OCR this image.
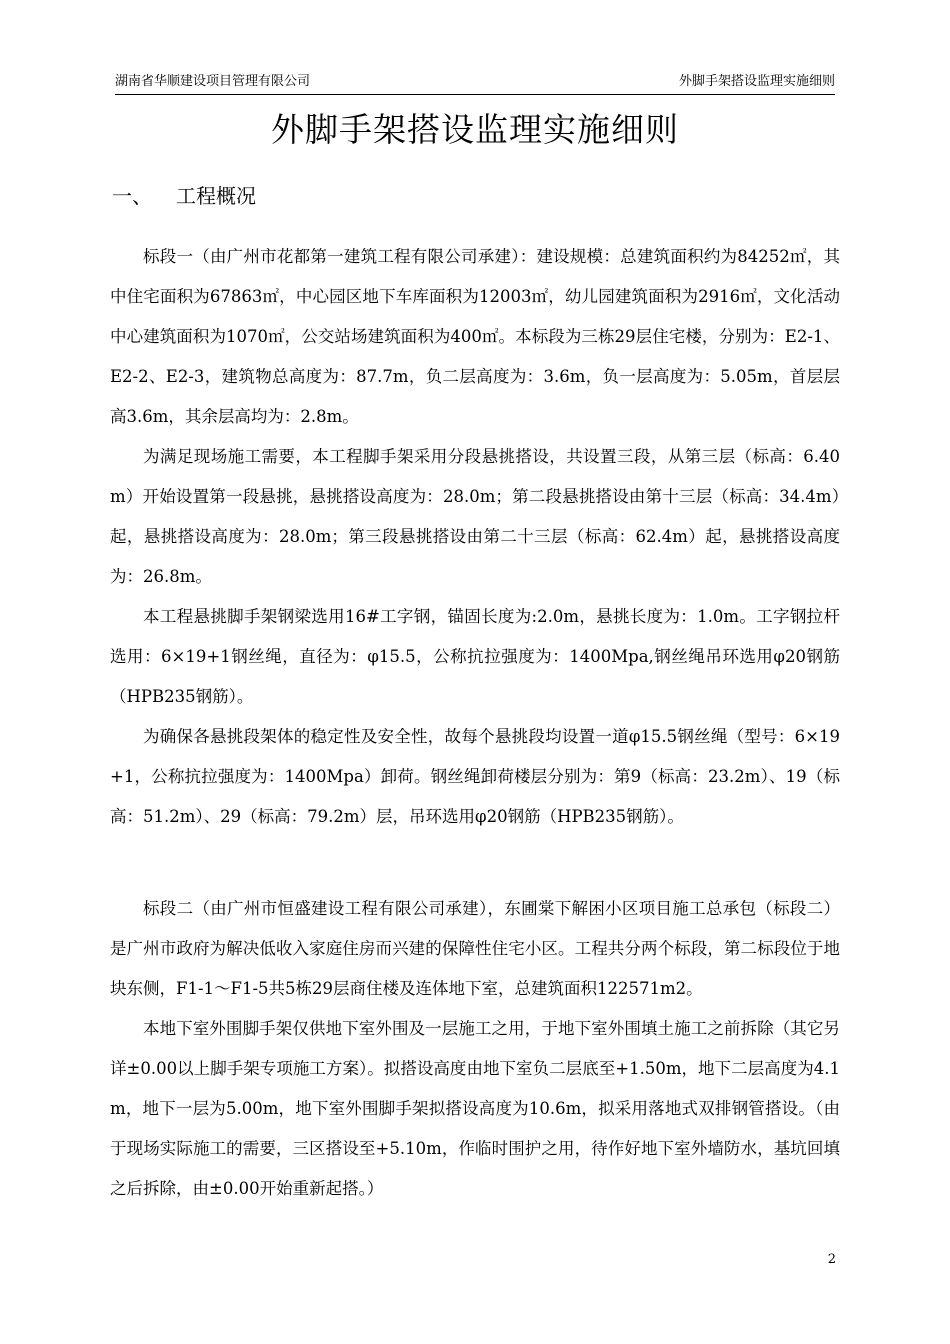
湖南省华顺建设项目管理有限公司	外脚手架搭设监理实施细则
外脚手架搭设监理实施细则
一、 工程概况

标段一（由广州市花都第一建筑工程有限公司承建）：建设规模：总建筑面积约为84252㎡，其中住宅面积为67863㎡，中心园区地下车库面积为12003㎡，幼儿园建筑面积为2916㎡，文化活动中心建筑面积为1070㎡，公交站场建筑面积为400㎡。本标段为三栋29层住宅楼，分别为：E2-1、E2-2、E2-3，建筑物总高度为：87.7m，负二层高度为：3.6m，负一层高度为：5.05m，首层层高3.6m，其余层高均为：2.8m。

为满足现场施工需要，本工程脚手架采用分段悬挑搭设，共设置三段，从第三层（标高：6.40m）开始设置第一段悬挑，悬挑搭设高度为：28.0m；第二段悬挑搭设由第十三层（标高：34.4m）起，悬挑搭设高度为：28.0m；第三段悬挑搭设由第二十三层（标高：62.4m）起，悬挑搭设高度为：26.8m。

本工程悬挑脚手架钢梁选用16#工字钢，锚固长度为:2.0m，悬挑长度为：1.0m。工字钢拉杆选用：6×19+1钢丝绳，直径为：φ15.5，公称抗拉强度为：1400Mpa,钢丝绳吊环选用φ20钢筋（HPB235钢筋）。

为确保各悬挑段架体的稳定性及安全性，故每个悬挑段均设置一道φ15.5钢丝绳（型号：6×19+1，公称抗拉强度为：1400Mpa）卸荷。钢丝绳卸荷楼层分别为：第9（标高：23.2m）、19（标高：51.2m）、29（标高：79.2m）层，吊环选用φ20钢筋（HPB235钢筋）。

标段二（由广州市恒盛建设工程有限公司承建），东圃棠下解困小区项目施工总承包（标段二）是广州市政府为解决低收入家庭住房而兴建的保障性住宅小区。工程共分两个标段，第二标段位于地块东侧，F1-1～F1-5共5栋29层商住楼及连体地下室，总建筑面积122571m2。

本地下室外围脚手架仅供地下室外围及一层施工之用，于地下室外围填土施工之前拆除（其它另详±0.00以上脚手架专项施工方案）。拟搭设高度由地下室负二层底至+1.50m，地下二层高度为4.1m，地下一层为5.00m，地下室外围脚手架拟搭设高度为10.6m，拟采用落地式双排钢管搭设。（由于现场实际施工的需要，三区搭设至+5.10m，作临时围护之用，待作好地下室外墙防水，基坑回填之后拆除，由±0.00开始重新起搭。）

2
